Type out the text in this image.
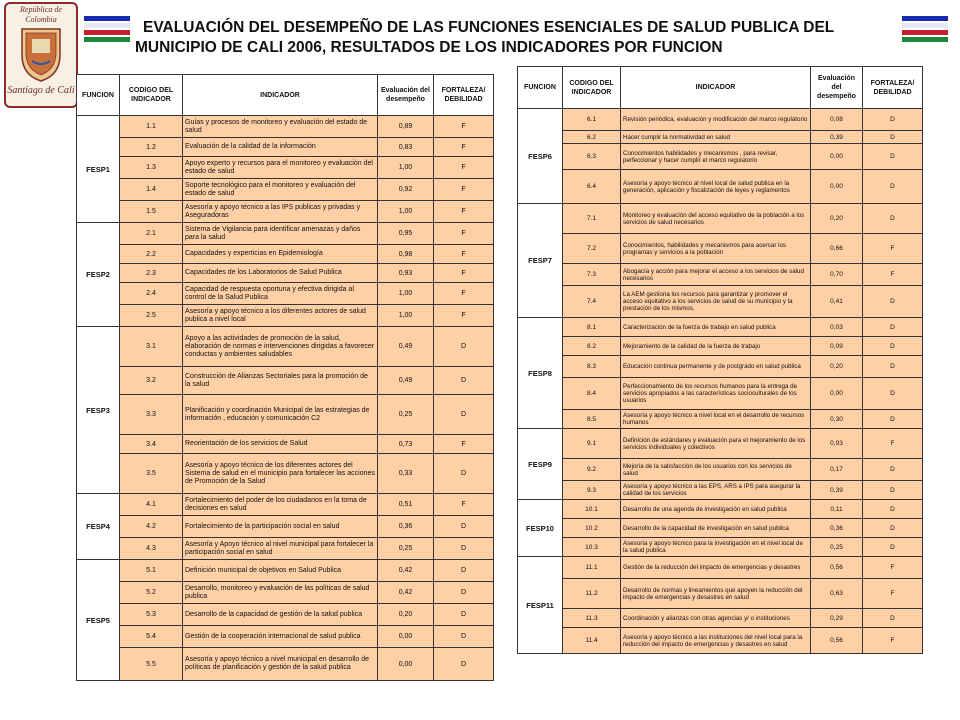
República de
Colombia
Santiago de Cali
EVALUACIÓN DEL DESEMPEÑO DE LAS FUNCIONES ESENCIALES DE SALUD PUBLICA DEL
MUNICIPIO DE CALI 2006, RESULTADOS DE LOS INDICADORES POR FUNCION
FUNCION	CODIGO DEL INDICADOR	INDICADOR	Evaluación del desempeño	FORTALEZA/ DEBILIDAD
FESP1	1.1	Guías y procesos de monitoreo y evaluación del estado de salud	0,89	F
	1.2	Evaluación de la calidad de la información	0,83	F
	1.3	Apoyo experto y recursos para el monitoreo y evaluación del estado de salud	1,00	F
	1.4	Soporte tecnológico para el monitoreo y evaluación del estado de salud	0,92	F
	1.5	Asesoría y apoyo técnico a las IPS publicas y privadas y Aseguradoras	1,00	F
FESP2	2.1	Sistema de Vigilancia para identificar amenazas y daños para la salud	0,95	F
	2.2	Capacidades y experticias en Epidemiología	0,98	F
	2.3	Capacidades de los Laboratorios de Salud Publica	0,93	F
	2.4	Capacidad de respuesta oportuna y efectiva dirigida al control de la Salud Publica	1,00	F
	2.5	Asesoría y apoyo técnico a los diferentes actores de salud publica a nivel local	1,00	F
FESP3	3.1	Apoyo a las actividades de promoción de la salud, elaboración de normas e intervenciones dirigidas a favorecer conductas y ambientes saludables	0,49	D
	3.2	Construcción de Alianzas Sectoriales para la promoción de la salud	0,49	D
	3.3	Planificación y coordinación Municipal de las estrategias de información , educación y comunicación C2	0,25	D
	3.4	Reorientación de los servicios de Salud	0,73	F
	3.5	Asesoría y apoyo técnico de los diferentes actores del Sistema de salud en el municipio para fortalecer las acciones de Promoción de la Salud	0,33	D
FESP4	4.1	Fortalecimiento del poder de los ciudadanos en la toma de decisiones en salud	0,51	F
	4.2	Fortalecimiento de la participación social en salud	0,36	D
	4.3	Asesoría y Apoyo técnico al nivel municipal para fortalecer la participación social en salud	0,25	D
FESP5	5.1	Definición municipal de objetivos en Salud Publica	0,42	D
	5.2	Desarrollo, monitoreo y evaluación de las políticas de salud publica	0,42	D
	5.3	Desarrollo de la capacidad de gestión de la salud publica	0,20	D
	5.4	Gestión de la cooperación internacional de salud publica	0,00	D
	5.5	Asesoría y apoyo técnico a nivel municipal en desarrollo de políticas de planificación y gestión de la salud publica	0,00	D
FUNCION	CODIGO DEL INDICADOR	INDICADOR	Evaluación del desempeño	FORTALEZA/ DEBILIDAD
FESP6	6.1	Revisión periódica, evaluación y modificación del marco regulatorio	0,08	D
	6.2	Hacer cumplir la normatividad en salud	0,39	D
	6.3	Conocimientos habilidades y mecanismos , para revisar, perfeccionar y hacer cumplir el marco regulatorio	0,00	D
	6.4	Asesoría y apoyo técnico al nivel local de salud publica en la generación, aplicación y fiscalización de leyes y reglamentos	0,00	D
FESP7	7.1	Monitoreo y evaluación del acceso equitativo de la población a los servicios de salud necesarios	0,20	D
	7.2	Conocimientos, habilidades y mecanismos para acercar los programas y servicios a la población	0,66	F
	7.3	Abogacía y acción para mejorar el acceso a los servicios de salud necesarios	0,70	F
	7.4	La AEM gestiona los recursos para garantizar y promover el acceso equitativo a los servicios de salud de su municipio y la prestación de los mismos.	0,41	D
FESP8	8.1	Caracterización de la fuerza de trabajo en salud publica	0,03	D
	8.2	Mejoramiento de la calidad de la fuerza de trabajo	0,09	D
	8.3	Educación continua permanente y de postgrado en salud publica	0,20	D
	8.4	Perfeccionamiento de los recursos humanos para la entrega de servicios apropiados a las características socioculturales de los usuarios	0,00	D
	8.5	Asesoría y apoyo técnico a nivel local en el desarrollo de recursos humanos	0,30	D
FESP9	9.1	Definición de estándares y evaluación para el mejoramiento de los servicios individuales y colectivos	0,93	F
	9.2	Mejoría de la satisfacción de los usuarios con los servicios de salud	0,17	D
	9.3	Asesoría y apoyo técnico a las EPS, ARS a IPS para asegurar la calidad de los servicios	0,39	D
FESP10	10.1	Desarrollo de una agenda de investigación en salud publica	0,11	D
	10.2	Desarrollo de la capacidad de investigación en salud publica	0,36	D
	10.3	Asesoría y apoyo técnico para la investigación en el nivel local de la salud publica	0,25	D
FESP11	11.1	Gestión de la reducción del impacto de emergencias y desastres	0,56	F
	11.2	Desarrollo de normas y lineamientos que apoyen la reducción del impacto de emergencias y desastres en salud	0,63	F
	11.3	Coordinación y alianzas con otras agencias y/ o instituciones	0,29	D
	11.4	Asesoría y apoyo técnico a las instituciones del nivel local para la reducción del impacto de emergencias y desastres en salud	0,56	F
